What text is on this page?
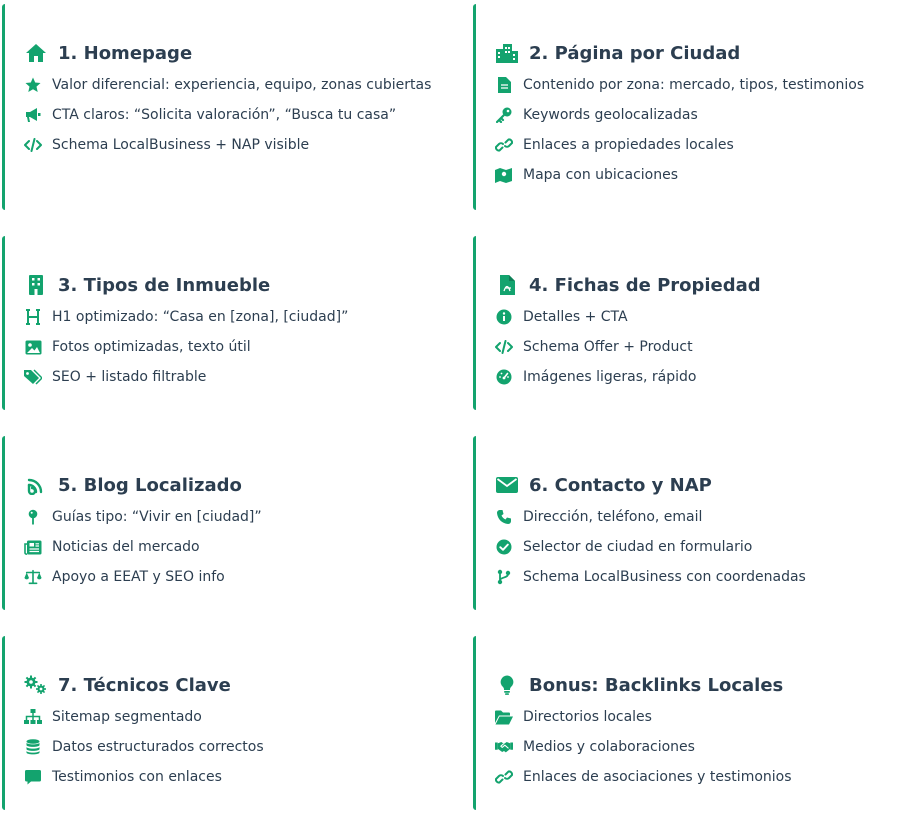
1. Homepage
Valor diferencial: experiencia, equipo, zonas cubiertas
CTA claros: “Solicita valoración”, “Busca tu casa”
Schema LocalBusiness + NAP visible
2. Página por Ciudad
Contenido por zona: mercado, tipos, testimonios
Keywords geolocalizadas
Enlaces a propiedades locales
Mapa con ubicaciones
3. Tipos de Inmueble
H1 optimizado: “Casa en [zona], [ciudad]”
Fotos optimizadas, texto útil
SEO + listado filtrable
4. Fichas de Propiedad
Detalles + CTA
Schema Offer + Product
Imágenes ligeras, rápido
5. Blog Localizado
Guías tipo: “Vivir en [ciudad]”
Noticias del mercado
Apoyo a EEAT y SEO info
6. Contacto y NAP
Dirección, teléfono, email
Selector de ciudad en formulario
Schema LocalBusiness con coordenadas
7. Técnicos Clave
Sitemap segmentado
Datos estructurados correctos
Testimonios con enlaces
Bonus: Backlinks Locales
Directorios locales
Medios y colaboraciones
Enlaces de asociaciones y testimonios
